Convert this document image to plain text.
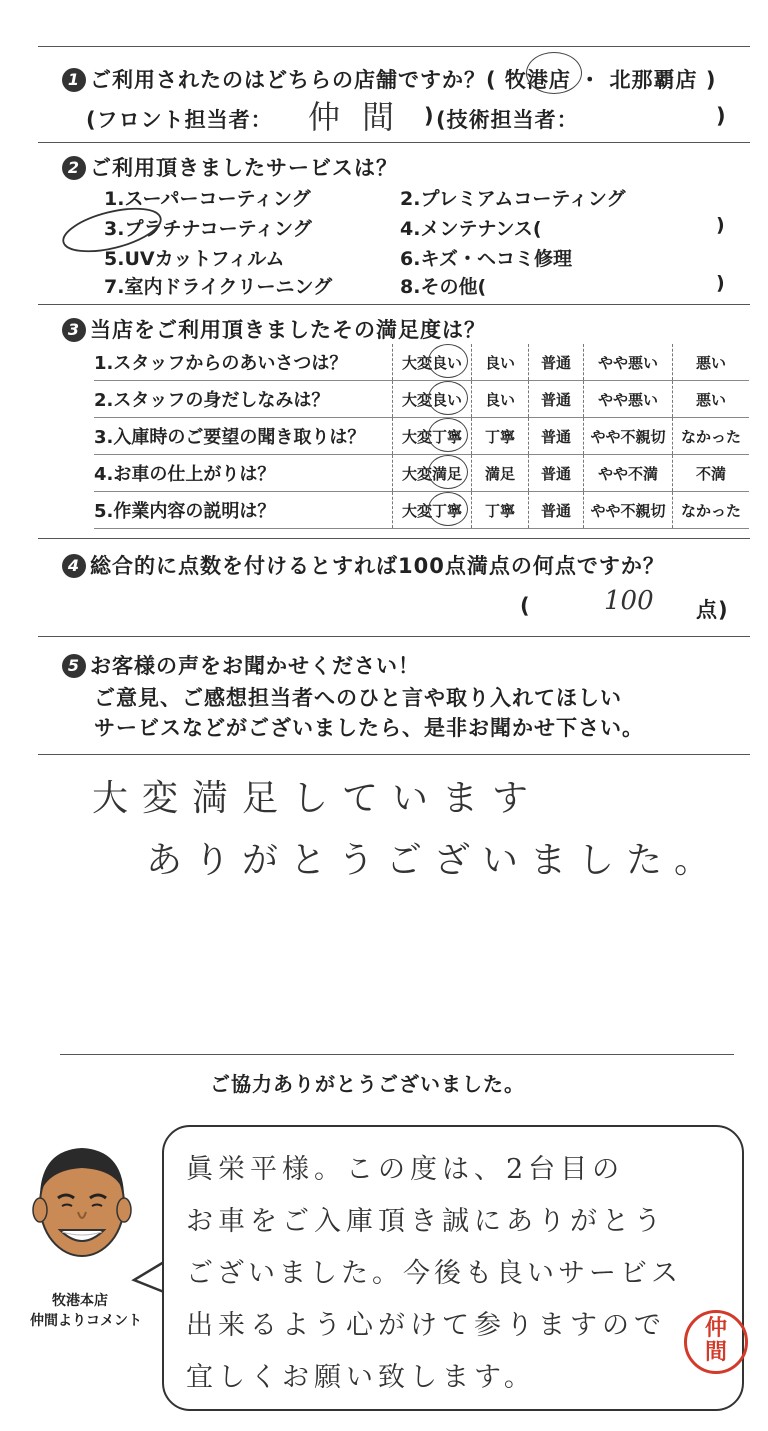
1 ご利用されたのはどちらの店舗ですか？( 牧港店 ・ 北那覇店 )
(フロント担当者： 仲 間 ) (技術担当者：	)
2 ご利用頂きましたサービスは？
1.スーパーコーティング	2.プレミアムコーティング
3.プラチナコーティング	4.メンテナンス(	)
5.UVカットフィルム	6.キズ・ヘコミ修理
7.室内ドライクリーニング	8.その他(	)
3 当店をご利用頂きましたその満足度は？
1.スタッフからのあいさつは？	大変良い	良い	普通	やや悪い	悪い
2.スタッフの身だしなみは？	大変良い	良い	普通	やや悪い	悪い
3.入庫時のご要望の聞き取りは？	大変丁寧	丁寧	普通	やや不親切	なかった
4.お車の仕上がりは？	大変満足	満足	普通	やや不満	不満
5.作業内容の説明は？	大変丁寧	丁寧	普通	やや不親切	なかった
4 総合的に点数を付けるとすれば100点満点の何点ですか？
(	100 点)
5 お客様の声をお聞かせください！
ご意見、ご感想担当者へのひと言や取り入れてほしい
サービスなどがございましたら、是非お聞かせ下さい。
大変満足しています
ありがとうございました。
ご協力ありがとうございました。
牧港本店
仲間よりコメント
眞栄平様。この度は、2台目の
お車をご入庫頂き誠にありがとう
ございました。今後も良いサービス
出来るよう心がけて参りますので
宜しくお願い致します。
仲
間
